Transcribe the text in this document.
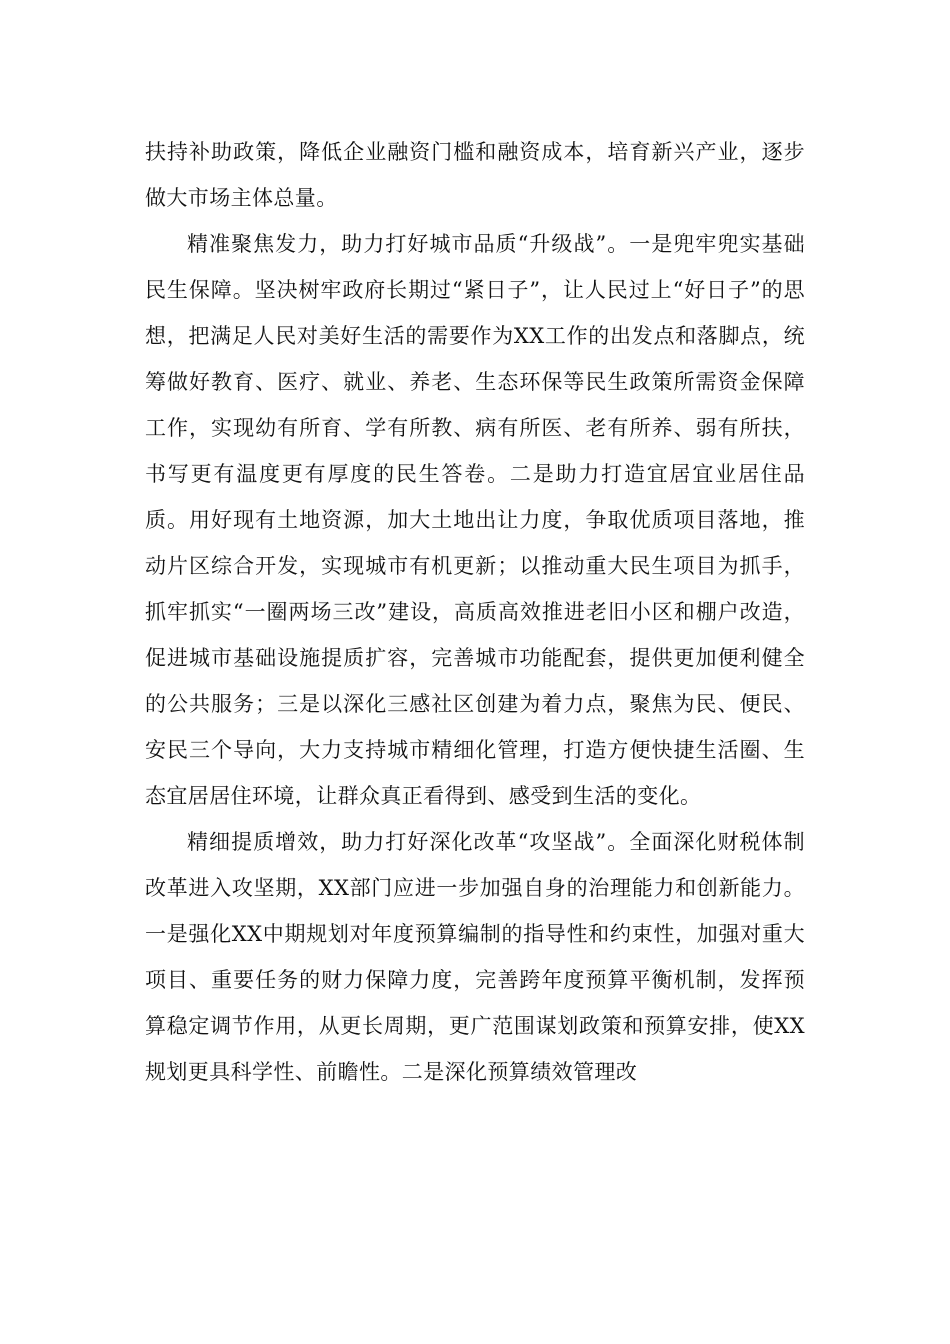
扶持补助政策，降低企业融资门槛和融资成本，培育新兴产业，逐步做大市场主体总量。

精准聚焦发力，助力打好城市品质“升级战”。一是兜牢兜实基础民生保障。坚决树牢政府长期过“紧日子”，让人民过上“好日子”的思想，把满足人民对美好生活的需要作为XX工作的出发点和落脚点，统筹做好教育、医疗、就业、养老、生态环保等民生政策所需资金保障工作，实现幼有所育、学有所教、病有所医、老有所养、弱有所扶，书写更有温度更有厚度的民生答卷。二是助力打造宜居宜业居住品质。用好现有土地资源，加大土地出让力度，争取优质项目落地，推动片区综合开发，实现城市有机更新；以推动重大民生项目为抓手，抓牢抓实“一圈两场三改”建设，高质高效推进老旧小区和棚户改造，促进城市基础设施提质扩容，完善城市功能配套，提供更加便利健全的公共服务；三是以深化三感社区创建为着力点，聚焦为民、便民、安民三个导向，大力支持城市精细化管理，打造方便快捷生活圈、生态宜居居住环境，让群众真正看得到、感受到生活的变化。

精细提质增效，助力打好深化改革“攻坚战”。全面深化财税体制改革进入攻坚期，XX部门应进一步加强自身的治理能力和创新能力。一是强化XX中期规划对年度预算编制的指导性和约束性，加强对重大项目、重要任务的财力保障力度，完善跨年度预算平衡机制，发挥预算稳定调节作用，从更长周期，更广范围谋划政策和预算安排，使XX规划更具科学性、前瞻性。二是深化预算绩效管理改
